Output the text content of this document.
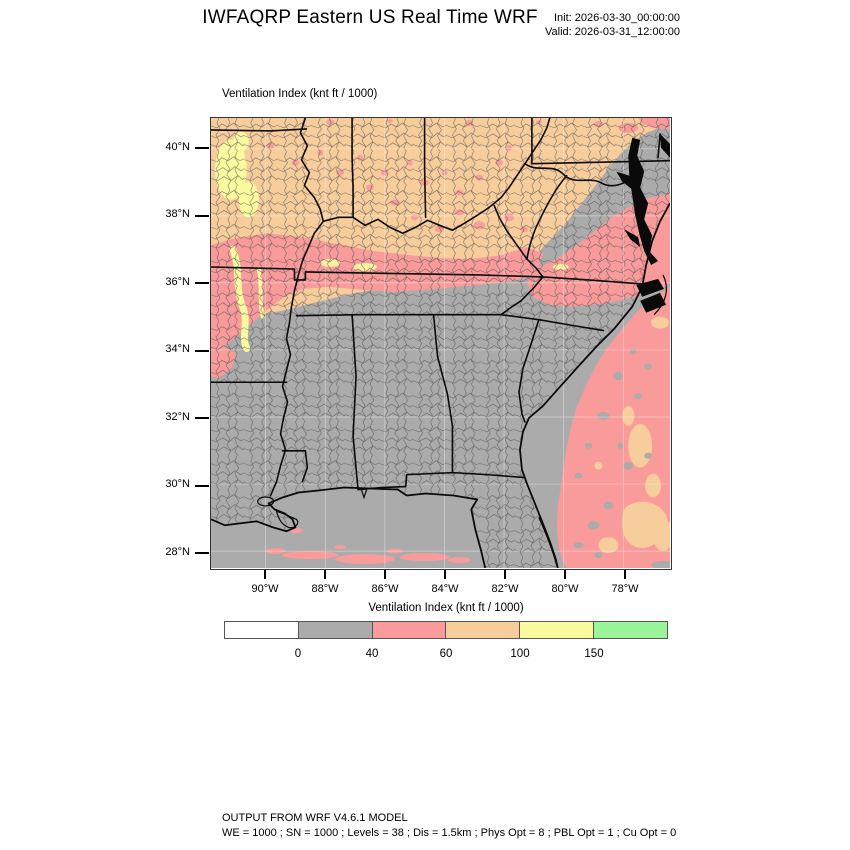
IWFAQRP Eastern US Real Time WRF	Init: 2026-03-30_00:00:00
Valid: 2026-03-31_12:00:00
Ventilation Index (knt ft / 1000)
40°N
38°N
36°N
34°N
32°N
30°N
28°N
90°W	88°W	86°W	84°W	82°W	80°W	78°W
Ventilation Index (knt ft / 1000)
0	40	60	100	150
OUTPUT FROM WRF V4.6.1 MODEL
WE = 1000 ; SN = 1000 ; Levels = 38 ; Dis = 1.5km ; Phys Opt = 8 ; PBL Opt = 1 ; Cu Opt = 0
